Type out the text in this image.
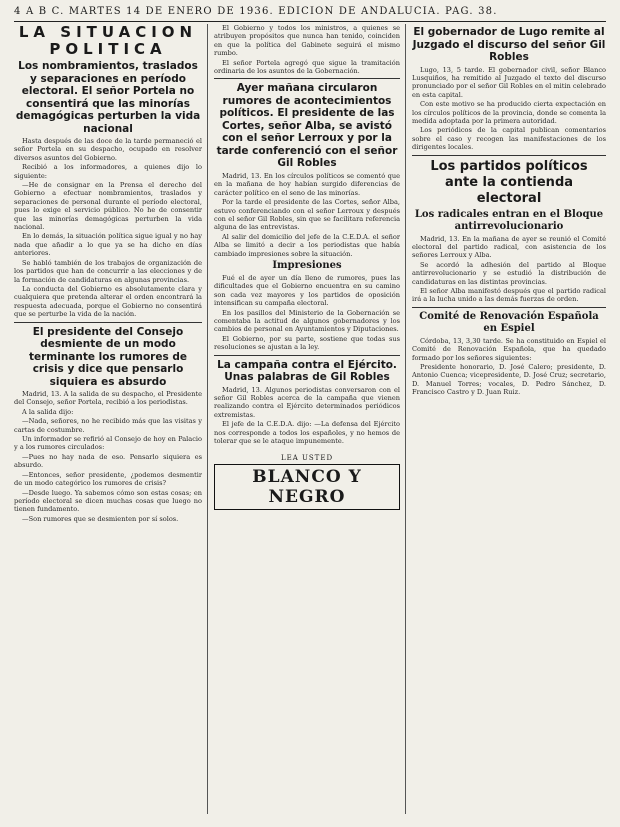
4 A B C. MARTES 14 DE ENERO DE 1936. EDICION DE ANDALUCIA. PAG. 38.
LA SITUACION POLITICA
Los nombramientos, traslados y separaciones en período electoral. El señor Portela no consentirá que las minorías demagógicas perturben la vida nacional

Hasta después de las doce de la tarde permaneció el señor Portela en su despacho, ocupado en resolver diversos asuntos del Gobierno.

Recibió a los informadores, a quienes dijo lo siguiente:

—He de consignar en la Prensa el derecho del Gobierno a efectuar nombramientos, traslados y separaciones de personal durante el período electoral, pues lo exige el servicio público. No he de consentir que las minorías demagógicas perturben la vida nacional.

En lo demás, la situación política sigue igual y no hay nada que añadir a lo que ya se ha dicho en días anteriores.

Se habló también de los trabajos de organización de los partidos que han de concurrir a las elecciones y de la formación de candidaturas en algunas provincias.

La conducta del Gobierno es absolutamente clara y cualquiera que pretenda alterar el orden encontrará la respuesta adecuada, porque el Gobierno no consentirá que se perturbe la vida de la nación.

El presidente del Consejo desmiente de un modo terminante los rumores de crisis y dice que pensarlo siquiera es absurdo

Madrid, 13. A la salida de su despacho, el Presidente del Consejo, señor Portela, recibió a los periodistas.

A la salida dijo:

—Nada, señores, no he recibido más que las visitas y cartas de costumbre.

Un informador se refirió al Consejo de hoy en Palacio y a los rumores circulados:

—Pues no hay nada de eso. Pensarlo siquiera es absurdo.

—Entonces, señor presidente, ¿podemos desmentir de un modo categórico los rumores de crisis?

—Desde luego. Ya sabemos cómo son estas cosas; en período electoral se dicen muchas cosas que luego no tienen fundamento.

—Son rumores que se desmienten por sí solos.

El Gobierno y todos los ministros, a quienes se atribuyen propósitos que nunca han tenido, coinciden en que la política del Gabinete seguirá el mismo rumbo.

El señor Portela agregó que sigue la tramitación ordinaria de los asuntos de la Gobernación.

Ayer mañana circularon rumores de acontecimientos políticos. El presidente de las Cortes, señor Alba, se avistó con el señor Lerroux y por la tarde conferenció con el señor Gil Robles

Madrid, 13. En los círculos políticos se comentó que en la mañana de hoy habían surgido diferencias de carácter político en el seno de las minorías.

Por la tarde el presidente de las Cortes, señor Alba, estuvo conferenciando con el señor Lerroux y después con el señor Gil Robles, sin que se facilitara referencia alguna de las entrevistas.

Al salir del domicilio del jefe de la C.E.D.A. el señor Alba se limitó a decir a los periodistas que había cambiado impresiones sobre la situación.

Impresiones

Fué el de ayer un día lleno de rumores, pues las dificultades que el Gobierno encuentra en su camino son cada vez mayores y los partidos de oposición intensifican su campaña electoral.

En los pasillos del Ministerio de la Gobernación se comentaba la actitud de algunos gobernadores y los cambios de personal en Ayuntamientos y Diputaciones.

El Gobierno, por su parte, sostiene que todas sus resoluciones se ajustan a la ley.

La campaña contra el Ejército. Unas palabras de Gil Robles

Madrid, 13. Algunos periodistas conversaron con el señor Gil Robles acerca de la campaña que vienen realizando contra el Ejército determinados periódicos extremistas.

El jefe de la C.E.D.A. dijo: —La defensa del Ejército nos corresponde a todos los españoles, y no hemos de tolerar que se le ataque impunemente.

LEA USTED
BLANCO Y NEGRO
El gobernador de Lugo remite al Juzgado el discurso del señor Gil Robles

Lugo, 13, 5 tarde. El gobernador civil, señor Blanco Lusquiños, ha remitido al Juzgado el texto del discurso pronunciado por el señor Gil Robles en el mitin celebrado en esta capital.

Con este motivo se ha producido cierta expectación en los círculos políticos de la provincia, donde se comenta la medida adoptada por la primera autoridad.

Los periódicos de la capital publican comentarios sobre el caso y recogen las manifestaciones de los dirigentes locales.

Los partidos políticos ante la contienda electoral
Los radicales entran en el Bloque antirrevolucionario

Madrid, 13. En la mañana de ayer se reunió el Comité electoral del partido radical, con asistencia de los señores Lerroux y Alba.

Se acordó la adhesión del partido al Bloque antirrevolucionario y se estudió la distribución de candidaturas en las distintas provincias.

El señor Alba manifestó después que el partido radical irá a la lucha unido a las demás fuerzas de orden.

Comité de Renovación Española en Espiel

Córdoba, 13, 3,30 tarde. Se ha constituido en Espiel el Comité de Renovación Española, que ha quedado formado por los señores siguientes:

Presidente honorario, D. José Calero; presidente, D. Antonio Cuenca; vicepresidente, D. José Cruz; secretario, D. Manuel Torres; vocales, D. Pedro Sánchez, D. Francisco Castro y D. Juan Ruiz.
